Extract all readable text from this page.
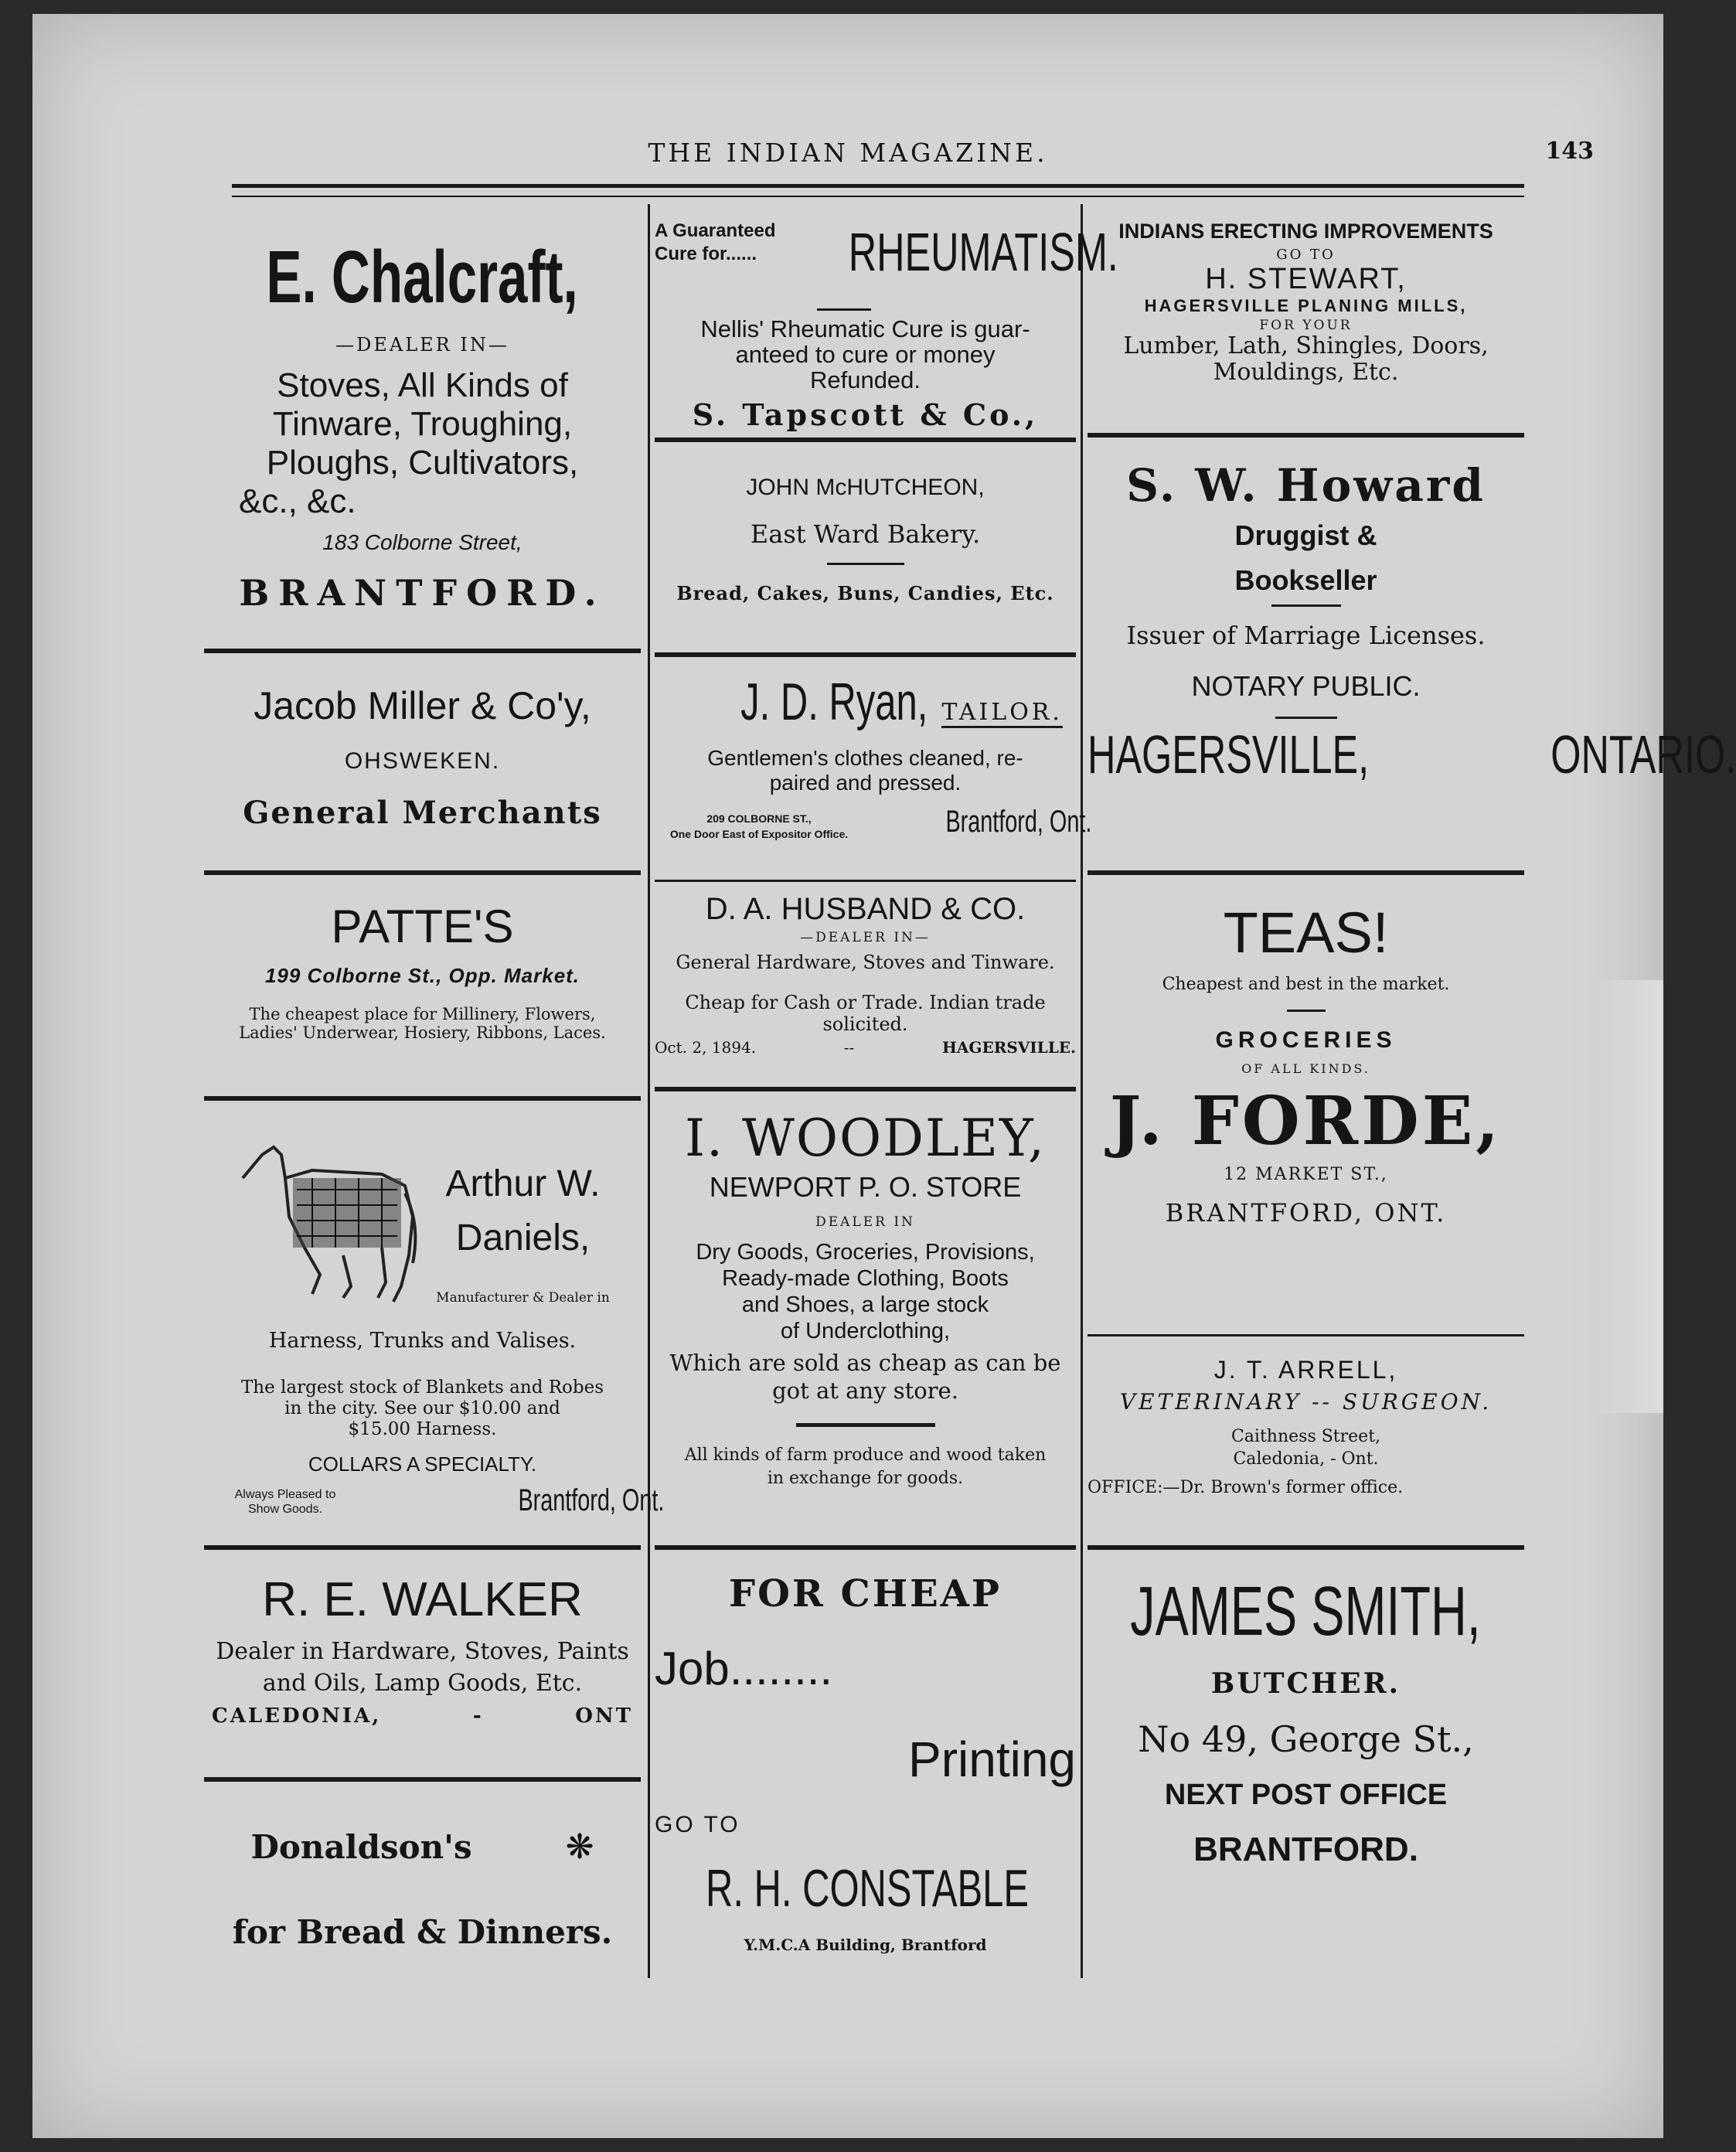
THE INDIAN MAGAZINE.	143
E. Chalcraft,
—DEALER IN—
Stoves, All Kinds of
Tinware, Troughing,
Ploughs, Cultivators,
&c., &c.
183 Colborne Street,
BRANTFORD.
Jacob Miller & Co'y,
OHSWEKEN.
General Merchants
PATTE'S
199 Colborne St., Opp. Market.
The cheapest place for Millinery, Flowers,
Ladies' Underwear, Hosiery, Ribbons, Laces.
Arthur W.
Daniels,
Manufacturer & Dealer in
Harness, Trunks and Valises.
The largest stock of Blankets and Robes
in the city. See our $10.00 and
$15.00 Harness.
COLLARS A SPECIALTY.
Always Pleased to
Show Goods.	Brantford, Ont.
R. E. WALKER
Dealer in Hardware, Stoves, Paints
and Oils, Lamp Goods, Etc.
CALEDONIA,	-	ONT
Donaldson's	❋
for Bread & Dinners.
A Guaranteed
Cure for......	RHEUMATISM.
Nellis' Rheumatic Cure is guar-
anteed to cure or money
Refunded.
S. Tapscott & Co.,
JOHN McHUTCHEON,
East Ward Bakery.
Bread, Cakes, Buns, Candies, Etc.
J. D. Ryan, TAILOR.
Gentlemen's clothes cleaned, re-
paired and pressed.
209 COLBORNE ST.,
One Door East of Expositor Office.	Brantford, Ont.
D. A. HUSBAND & CO.
—DEALER IN—
General Hardware, Stoves and Tinware.
Cheap for Cash or Trade. Indian trade
solicited.
Oct. 2, 1894.	--	HAGERSVILLE.
I. WOODLEY,
NEWPORT P. O. STORE
DEALER IN
Dry Goods, Groceries, Provisions,
Ready-made Clothing, Boots
and Shoes, a large stock
of Underclothing,
Which are sold as cheap as can be
got at any store.
All kinds of farm produce and wood taken
in exchange for goods.
FOR CHEAP
Job........
Printing
GO TO
R. H. CONSTABLE
Y.M.C.A Building, Brantford
INDIANS ERECTING IMPROVEMENTS
GO TO
H. STEWART,
HAGERSVILLE PLANING MILLS,
FOR YOUR
Lumber, Lath, Shingles, Doors,
Mouldings, Etc.
S. W. Howard
Druggist &
Bookseller
Issuer of Marriage Licenses.
NOTARY PUBLIC.
HAGERSVILLE,	ONTARIO.
TEAS!
Cheapest and best in the market.
GROCERIES
OF ALL KINDS.
J. FORDE,
12 MARKET ST.,
BRANTFORD, ONT.
J. T. ARRELL,
VETERINARY -- SURGEON.
Caithness Street,
Caledonia, - Ont.
OFFICE:—Dr. Brown's former office.
JAMES SMITH,
BUTCHER.
No 49, George St.,
NEXT POST OFFICE
BRANTFORD.
